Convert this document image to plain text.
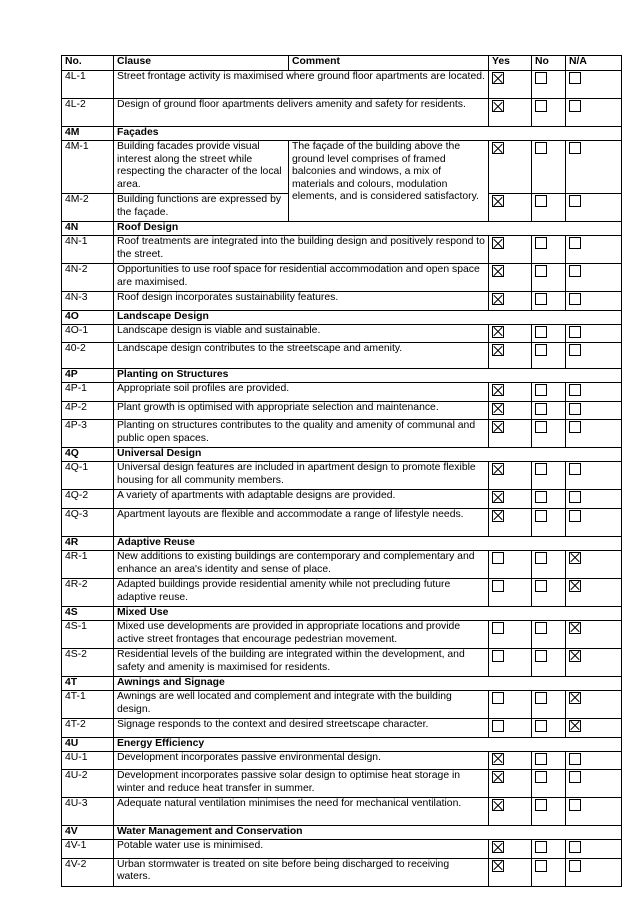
No.	Clause	Comment	Yes	No	N/A
4L-1	Street frontage activity is maximised where ground floor apartments are located.				
4L-2	Design of ground floor apartments delivers amenity and safety for residents.				
4M	Façades				
4M-1	Building facades provide visual interest along the street while respecting the character of the local area.	The façade of the building above the ground level comprises of framed balconies and windows, a mix of materials and colours, modulation elements, and is considered satisfactory.			
4M-2	Building functions are expressed by the façade.				
4N	Roof Design				
4N-1	Roof treatments are integrated into the building design and positively respond to the street.				
4N-2	Opportunities to use roof space for residential accommodation and open space are maximised.				
4N-3	Roof design incorporates sustainability features.				
4O	Landscape Design				
4O-1	Landscape design is viable and sustainable.				
40-2	Landscape design contributes to the streetscape and amenity.				
4P	Planting on Structures				
4P-1	Appropriate soil profiles are provided.				
4P-2	Plant growth is optimised with appropriate selection and maintenance.				
4P-3	Planting on structures contributes to the quality and amenity of communal and public open spaces.				
4Q	Universal Design				
4Q-1	Universal design features are included in apartment design to promote flexible housing for all community members.				
4Q-2	A variety of apartments with adaptable designs are provided.				
4Q-3	Apartment layouts are flexible and accommodate a range of lifestyle needs.				
4R	Adaptive Reuse				
4R-1	New additions to existing buildings are contemporary and complementary and enhance an area's identity and sense of place.				
4R-2	Adapted buildings provide residential amenity while not precluding future adaptive reuse.				
4S	Mixed Use				
4S-1	Mixed use developments are provided in appropriate locations and provide active street frontages that encourage pedestrian movement.				
4S-2	Residential levels of the building are integrated within the development, and safety and amenity is maximised for residents.				
4T	Awnings and Signage				
4T-1	Awnings are well located and complement and integrate with the building design.				
4T-2	Signage responds to the context and desired streetscape character.				
4U	Energy Efficiency				
4U-1	Development incorporates passive environmental design.				
4U-2	Development incorporates passive solar design to optimise heat storage in winter and reduce heat transfer in summer.				
4U-3	Adequate natural ventilation minimises the need for mechanical ventilation.				
4V	Water Management and Conservation				
4V-1	Potable water use is minimised.				
4V-2	Urban stormwater is treated on site before being discharged to receiving waters.				
